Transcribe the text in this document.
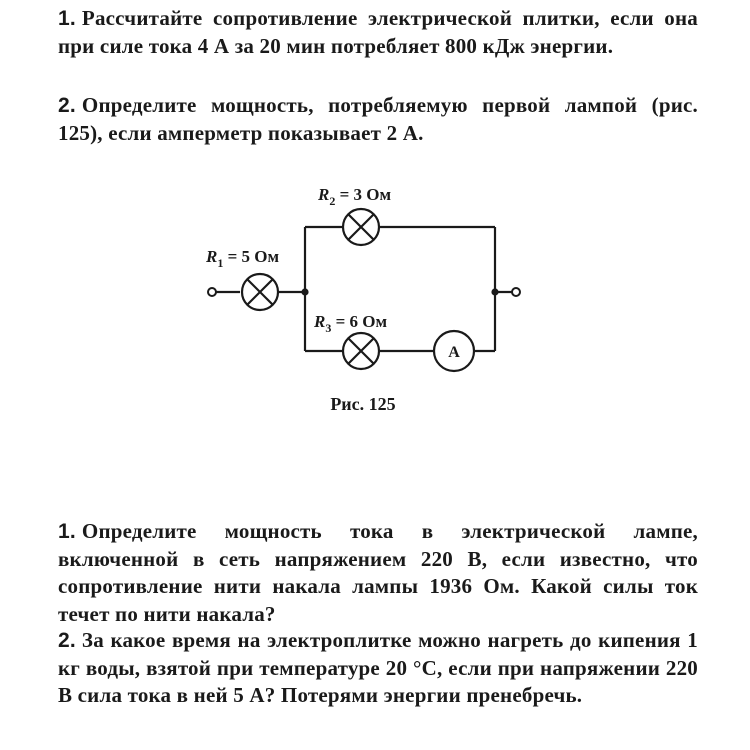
1. Рассчитайте сопротивление электрической плитки, если она при силе тока 4 А за 20 мин потребляет 800 кДж энергии.
2. Определите мощность, потребляемую первой лампой (рис. 125), если амперметр показывает 2 А.
$R_1 = 5$ Ом
$R_2 = 3$ Ом
$R_3 = 6$ Ом
A
Рис. 125
1. Определите мощность тока в электрической лампе, включенной в сеть напряжением 220 В, если известно, что сопротивление нити накала лампы 1936 Ом. Какой силы ток течет по нити накала?
2. За какое время на электроплитке можно нагреть до кипения 1 кг воды, взятой при температуре 20 °С, если при напряжении 220 В сила тока в ней 5 А? Потерями энергии пренебречь.
